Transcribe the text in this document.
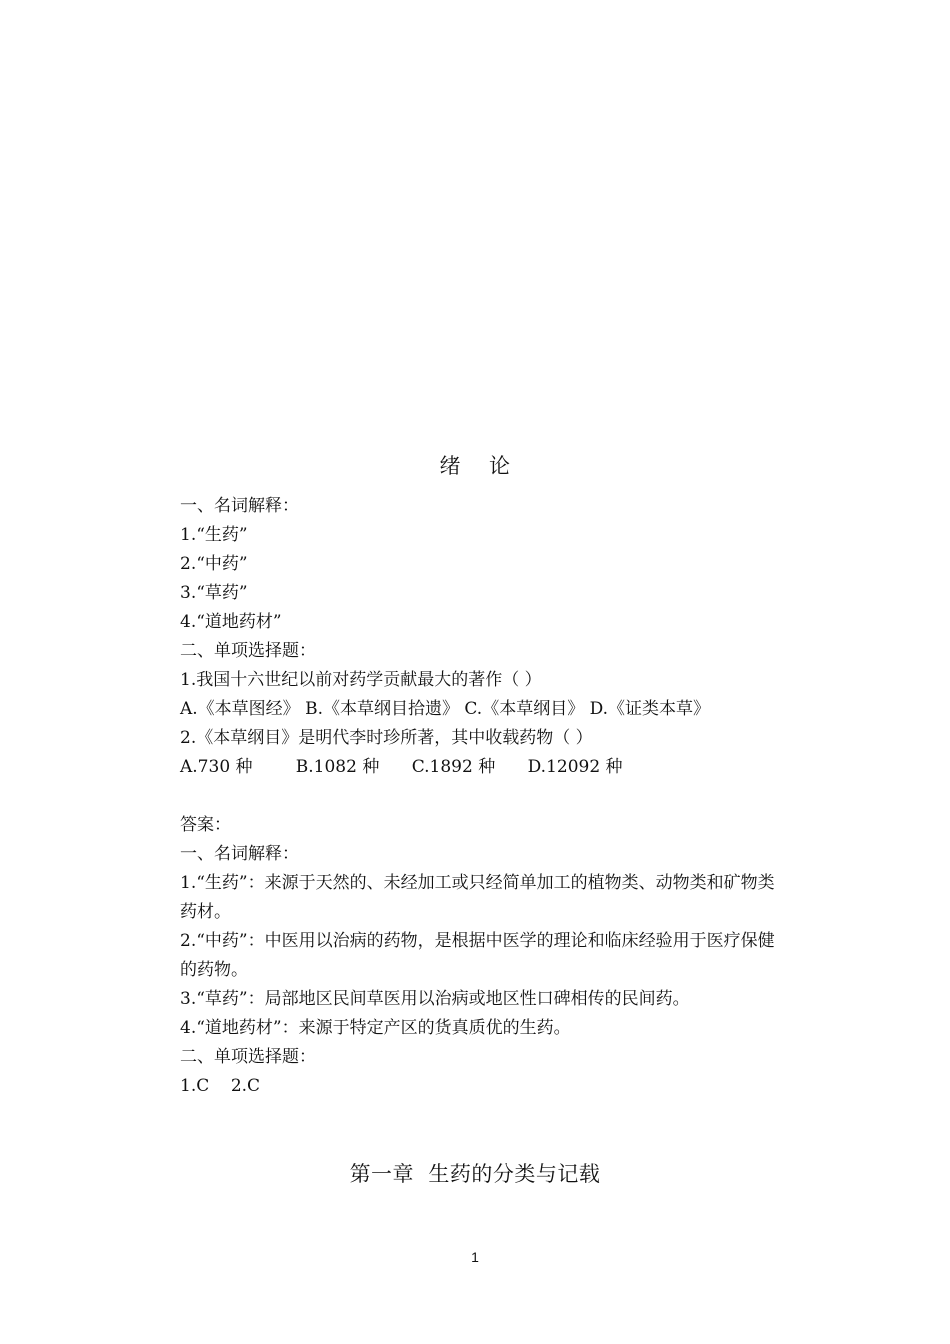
绪 论
一、名词解释：
1.“生药”
2.“中药”
3.“草药”
4.“道地药材”
二、单项选择题：
1.我国十六世纪以前对药学贡献最大的著作（ ）
A.《本草图经》 B.《本草纲目拾遗》 C.《本草纲目》 D.《证类本草》
2.《本草纲目》是明代李时珍所著，其中收载药物（ ）
A.730 种        B.1082 种      C.1892 种      D.12092 种
答案：
一、名词解释：
1.“生药”：来源于天然的、未经加工或只经简单加工的植物类、动物类和矿物类药材。
2.“中药”：中医用以治病的药物，是根据中医学的理论和临床经验用于医疗保健的药物。
3.“草药”：局部地区民间草医用以治病或地区性口碑相传的民间药。
4.“道地药材”：来源于特定产区的货真质优的生药。
二、单项选择题：
1.C    2.C
第一章  生药的分类与记载
1
